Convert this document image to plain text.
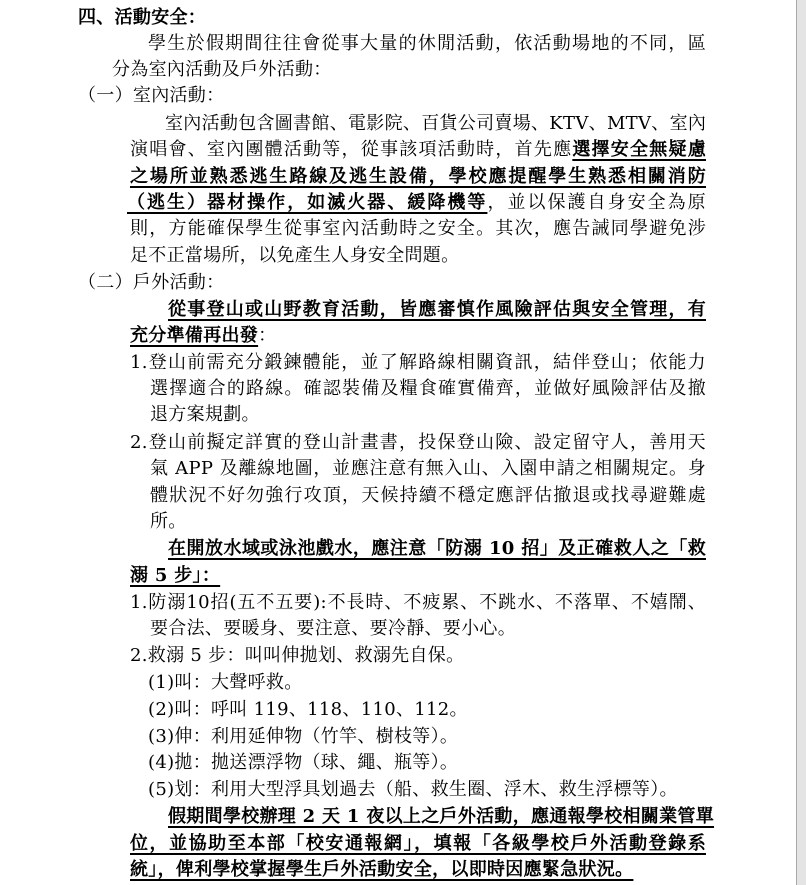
四、活動安全：
學生於假期間往往會從事大量的休閒活動，依活動場地的不同，區
分為室內活動及戶外活動：
（一）室內活動：
室內活動包含圖書館、電影院、百貨公司賣場、KTV、MTV、室內
演唱會、室內團體活動等，從事該項活動時，首先應選擇安全無疑慮
之場所並熟悉逃生路線及逃生設備，學校應提醒學生熟悉相關消防
（逃生）器材操作，如滅火器、緩降機等，並以保護自身安全為原
則，方能確保學生從事室內活動時之安全。其次，應告誡同學避免涉
足不正當場所，以免產生人身安全問題。
（二）戶外活動：
從事登山或山野教育活動，皆應審慎作風險評估與安全管理，有
充分準備再出發：
1.登山前需充分鍛鍊體能，並了解路線相關資訊，結伴登山；依能力
選擇適合的路線。確認裝備及糧食確實備齊，並做好風險評估及撤
退方案規劃。
2.登山前擬定詳實的登山計畫書，投保登山險、設定留守人，善用天
氣 APP 及離線地圖，並應注意有無入山、入園申請之相關規定。身
體狀況不好勿強行攻頂，天候持續不穩定應評估撤退或找尋避難處
所。
在開放水域或泳池戲水，應注意「防溺 10 招」及正確救人之「救
溺 5 步」：
1.防溺10招(五不五要):不長時、不疲累、不跳水、不落單、不嬉鬧、
要合法、要暖身、要注意、要冷靜、要小心。
2.救溺 5 步：叫叫伸拋划、救溺先自保。
(1)叫：大聲呼救。
(2)叫：呼叫 119、118、110、112。
(3)伸：利用延伸物（竹竿、樹枝等）。
(4)拋：拋送漂浮物（球、繩、瓶等）。
(5)划：利用大型浮具划過去（船、救生圈、浮木、救生浮標等）。
假期間學校辦理 2 天 1 夜以上之戶外活動，應通報學校相關業管單
位，並協助至本部「校安通報網」，填報「各級學校戶外活動登錄系
統」，俾利學校掌握學生戶外活動安全，以即時因應緊急狀況。
